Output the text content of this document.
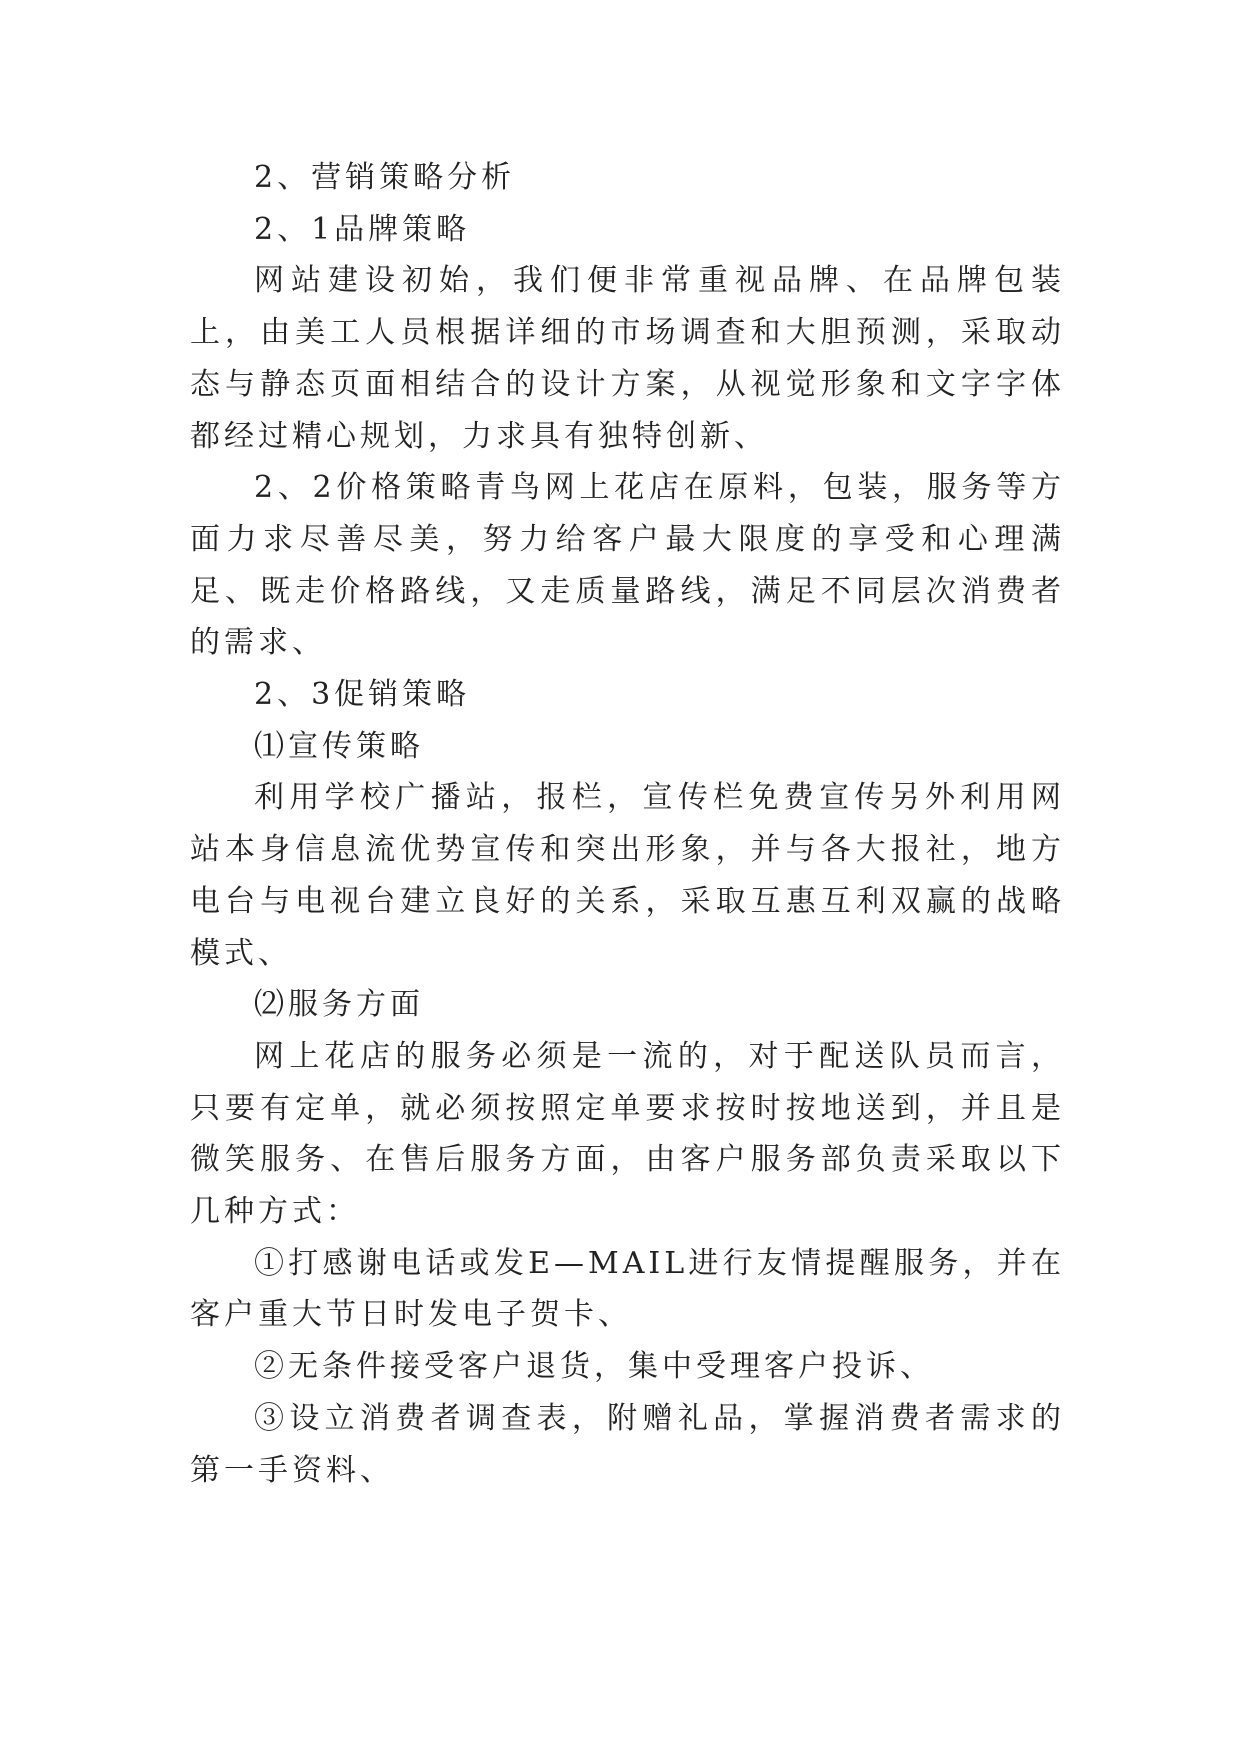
2、营销策略分析

2、1品牌策略

网站建设初始，我们便非常重视品牌、在品牌包装上，由美工人员根据详细的市场调查和大胆预测，采取动态与静态页面相结合的设计方案，从视觉形象和文字字体都经过精心规划，力求具有独特创新、

2、2价格策略青鸟网上花店在原料，包装，服务等方面力求尽善尽美，努力给客户最大限度的享受和心理满足、既走价格路线，又走质量路线，满足不同层次消费者的需求、

2、3促销策略

⑴宣传策略

利用学校广播站，报栏，宣传栏免费宣传另外利用网站本身信息流优势宣传和突出形象，并与各大报社，地方电台与电视台建立良好的关系，采取互惠互利双赢的战略模式、

⑵服务方面

网上花店的服务必须是一流的，对于配送队员而言，只要有定单，就必须按照定单要求按时按地送到，并且是微笑服务、在售后服务方面，由客户服务部负责采取以下几种方式：

①打感谢电话或发E—MAIL进行友情提醒服务，并在客户重大节日时发电子贺卡、

②无条件接受客户退货，集中受理客户投诉、

③设立消费者调查表，附赠礼品，掌握消费者需求的第一手资料、
